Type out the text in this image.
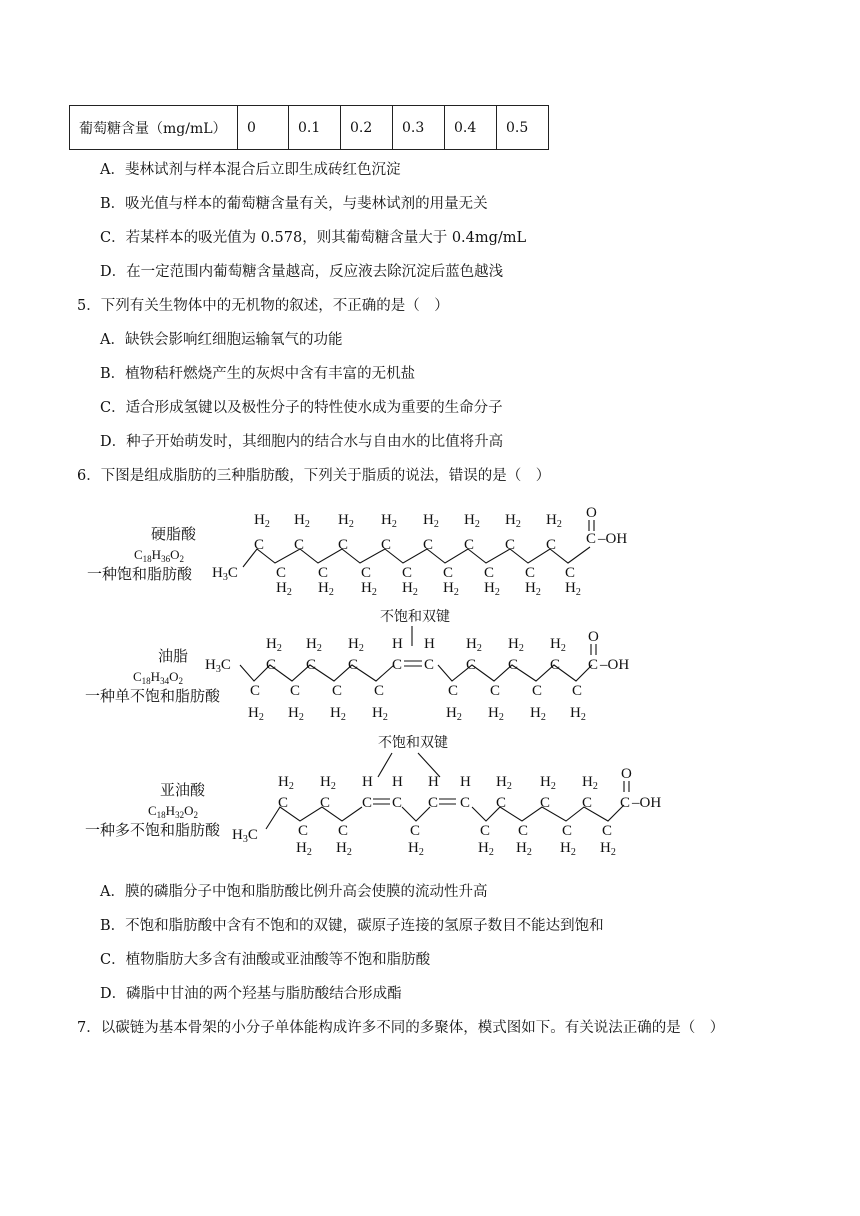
葡萄糖含量（mg/mL）	0	0.1	0.2	0.3	0.4	0.5
A．斐林试剂与样本混合后立即生成砖红色沉淀
B．吸光值与样本的葡萄糖含量有关，与斐林试剂的用量无关
C．若某样本的吸光值为 0.578，则其葡萄糖含量大于 0.4mg/mL
D．在一定范围内葡萄糖含量越高，反应液去除沉淀后蓝色越浅
5．下列有关生物体中的无机物的叙述，不正确的是（　）
A．缺铁会影响红细胞运输氧气的功能
B．植物秸秆燃烧产生的灰烬中含有丰富的无机盐
C．适合形成氢键以及极性分子的特性使水成为重要的生命分子
D．种子开始萌发时，其细胞内的结合水与自由水的比值将升高
6．下图是组成脂肪的三种脂肪酸，下列关于脂质的说法，错误的是（　）
硬脂酸
$C_{18}H_{36}O_2$
一种饱和脂肪酸 $H_3C$
C	C C C C C C
C C C C C C C C
C	C –OH
O
$H_2$ $H_2$ $H_2$ $H_2$ $H_2$ $H_2$ $H_2$ $H_2$
$H_2$ $H_2$ $H_2$ $H_2$ $H_2$ $H_2$ $H_2$ $H_2$
不饱和双键
油脂
$C_{18}H_{34}O_2$
一种单不饱和脂肪酸
$H_3C$ C C C C C C C C
C C C C	C C C C
C –OH
O
$H_2$ $H_2$ $H_2$ H H $H_2$ $H_2$ $H_2$
$H_2$ $H_2$ $H_2$ $H_2$	$H_2$ $H_2$ $H_2$ $H_2$
不饱和双键
亚油酸
$C_{18}H_{32}O_2$
一种多不饱和脂肪酸 $H_3C$
C C C C C C C C C
C C	C	C C C C
C –OH
O
$H_2$ $H_2$ H H H H $H_2$ $H_2$ $H_2$
$H_2$ $H_2$	$H_2$	$H_2$ $H_2$ $H_2$ $H_2$
A．膜的磷脂分子中饱和脂肪酸比例升高会使膜的流动性升高
B．不饱和脂肪酸中含有不饱和的双键，碳原子连接的氢原子数目不能达到饱和
C．植物脂肪大多含有油酸或亚油酸等不饱和脂肪酸
D．磷脂中甘油的两个羟基与脂肪酸结合形成酯
7．以碳链为基本骨架的小分子单体能构成许多不同的多聚体，模式图如下。有关说法正确的是（　）
